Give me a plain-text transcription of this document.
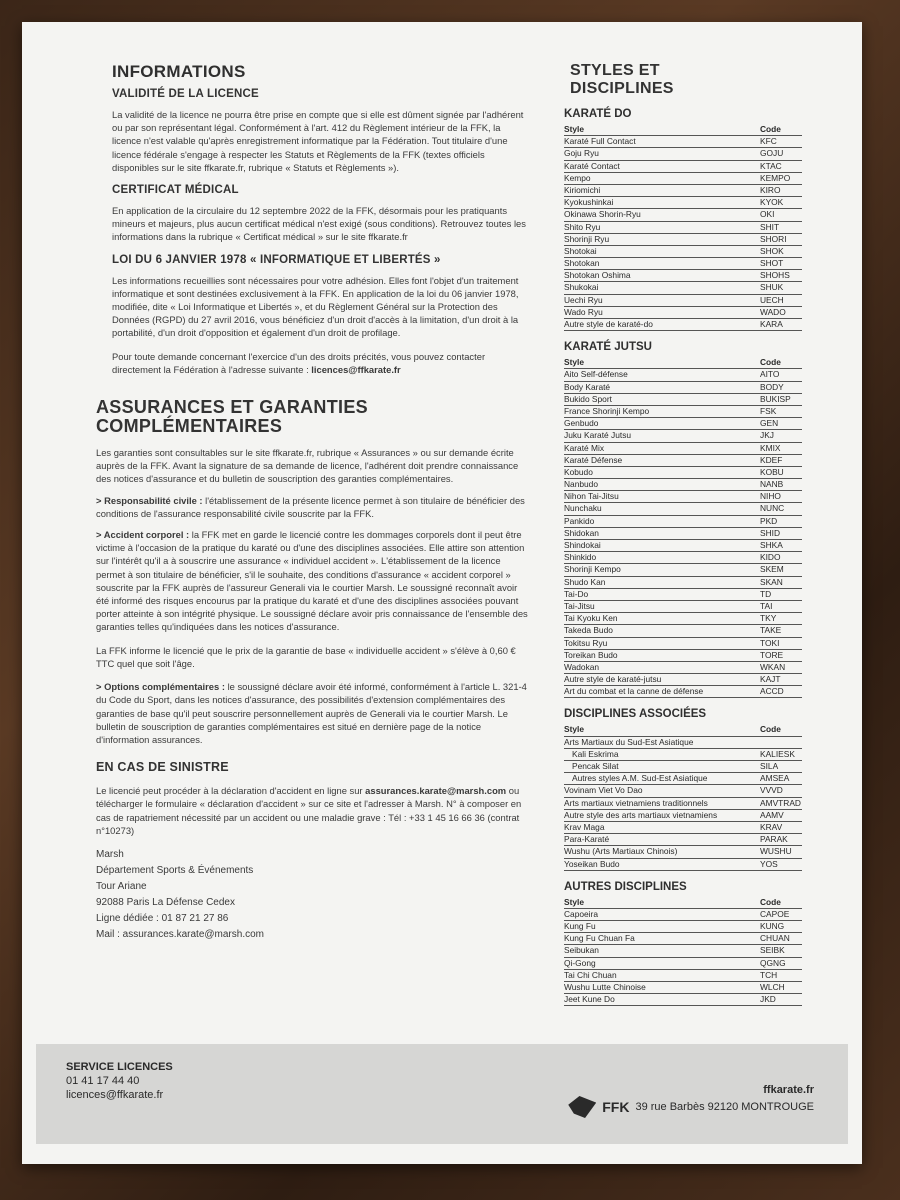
INFORMATIONS
VALIDITÉ DE LA LICENCE

La validité de la licence ne pourra être prise en compte que si elle est dûment signée par l'adhérent ou par son représentant légal. Conformément à l'art. 412 du Règlement intérieur de la FFK, la licence n'est valable qu'après enregistrement informatique par la Fédération. Tout titulaire d'une licence fédérale s'engage à respecter les Statuts et Règlements de la FFK (textes officiels disponibles sur le site ffkarate.fr, rubrique « Statuts et Règlements »).

CERTIFICAT MÉDICAL

En application de la circulaire du 12 septembre 2022 de la FFK, désormais pour les pratiquants mineurs et majeurs, plus aucun certificat médical n'est exigé (sous conditions). Retrouvez toutes les informations dans la rubrique « Certificat médical » sur le site ffkarate.fr

LOI DU 6 JANVIER 1978 « INFORMATIQUE ET LIBERTÉS »

Les informations recueillies sont nécessaires pour votre adhésion. Elles font l'objet d'un traitement informatique et sont destinées exclusivement à la FFK. En application de la loi du 06 janvier 1978, modifiée, dite « Loi Informatique et Libertés », et du Règlement Général sur la Protection des Données (RGPD) du 27 avril 2016, vous bénéficiez d'un droit d'accès à la limitation, d'un droit à la portabilité, d'un droit d'opposition et également d'un droit de profilage.

Pour toute demande concernant l'exercice d'un des droits précités, vous pouvez contacter directement la Fédération à l'adresse suivante : licences@ffkarate.fr

ASSURANCES ET GARANTIES
COMPLÉMENTAIRES

Les garanties sont consultables sur le site ffkarate.fr, rubrique « Assurances » ou sur demande écrite auprès de la FFK. Avant la signature de sa demande de licence, l'adhérent doit prendre connaissance des notices d'assurance et du bulletin de souscription des garanties complémentaires.

> Responsabilité civile : l'établissement de la présente licence permet à son titulaire de bénéficier des conditions de l'assurance responsabilité civile souscrite par la FFK.

> Accident corporel : la FFK met en garde le licencié contre les dommages corporels dont il peut être victime à l'occasion de la pratique du karaté ou d'une des disciplines associées. Elle attire son attention sur l'intérêt qu'il a à souscrire une assurance « individuel accident ». L'établissement de la licence permet à son titulaire de bénéficier, s'il le souhaite, des conditions d'assurance « accident corporel » souscrite par la FFK auprès de l'assureur Generali via le courtier Marsh. Le soussigné reconnaît avoir été informé des risques encourus par la pratique du karaté et d'une des disciplines associées pouvant porter atteinte à son intégrité physique. Le soussigné déclare avoir pris connaissance de l'ensemble des garanties telles qu'indiquées dans les notices d'assurance.

La FFK informe le licencié que le prix de la garantie de base « individuelle accident » s'élève à 0,60 € TTC quel que soit l'âge.

> Options complémentaires : le soussigné déclare avoir été informé, conformément à l'article L. 321-4 du Code du Sport, dans les notices d'assurance, des possibilités d'extension complémentaires des garanties de base qu'il peut souscrire personnellement auprès de Generali via le courtier Marsh. Le bulletin de souscription de garanties complémentaires est situé en dernière page de la notice d'information assurances.

EN CAS DE SINISTRE

Le licencié peut procéder à la déclaration d'accident en ligne sur assurances.karate@marsh.com ou télécharger le formulaire « déclaration d'accident » sur ce site et l'adresser à Marsh. N° à composer en cas de rapatriement nécessité par un accident ou une maladie grave : Tél : +33 1 45 16 66 36 (contrat n°10273)

Marsh

Département Sports & Événements

Tour Ariane

92088 Paris La Défense Cedex

Ligne dédiée : 01 87 21 27 86

Mail : assurances.karate@marsh.com

STYLES ET
DISCIPLINES
KARATÉ DO
Style	Code
Karaté Full Contact	KFC
Goju Ryu	GOJU
Karaté Contact	KTAC
Kempo	KEMPO
Kiriomichi	KIRO
Kyokushinkai	KYOK
Okinawa Shorin-Ryu	OKI
Shito Ryu	SHIT
Shorinji Ryu	SHORI
Shotokai	SHOK
Shotokan	SHOT
Shotokan Oshima	SHOHS
Shukokai	SHUK
Uechi Ryu	UECH
Wado Ryu	WADO
Autre style de karaté-do	KARA
KARATÉ JUTSU
Style	Code
Aito Self-défense	AITO
Body Karaté	BODY
Bukido Sport	BUKISP
France Shorinji Kempo	FSK
Genbudo	GEN
Juku Karaté Jutsu	JKJ
Karaté Mix	KMIX
Karaté Défense	KDEF
Kobudo	KOBU
Nanbudo	NANB
Nihon Tai-Jitsu	NIHO
Nunchaku	NUNC
Pankido	PKD
Shidokan	SHID
Shindokai	SHKA
Shinkido	KIDO
Shorinji Kempo	SKEM
Shudo Kan	SKAN
Tai-Do	TD
Tai-Jitsu	TAI
Tai Kyoku Ken	TKY
Takeda Budo	TAKE
Tokitsu Ryu	TOKI
Toreikan Budo	TORE
Wadokan	WKAN
Autre style de karaté-jutsu	KAJT
Art du combat et la canne de défense	ACCD
DISCIPLINES ASSOCIÉES
Style	Code
Arts Martiaux du Sud-Est Asiatique
Kali Eskrima	KALIESK
Pencak Silat	SILA
Autres styles A.M. Sud-Est Asiatique	AMSEA
Vovinam Viet Vo Dao	VVVD
Arts martiaux vietnamiens traditionnels	AMVTRAD
Autre style des arts martiaux vietnamiens	AAMV
Krav Maga	KRAV
Para-Karaté	PARAK
Wushu (Arts Martiaux Chinois)	WUSHU
Yoseikan Budo	YOS
AUTRES DISCIPLINES
Style	Code
Capoeira	CAPOE
Kung Fu	KUNG
Kung Fu Chuan Fa	CHUAN
Seibukan	SEIBK
Qi-Gong	QGNG
Tai Chi Chuan	TCH
Wushu Lutte Chinoise	WLCH
Jeet Kune Do	JKD
SERVICE LICENCES
01 41 17 44 40
licences@ffkarate.fr	ffkarate.fr
FFK 39 rue Barbès 92120 MONTROUGE
